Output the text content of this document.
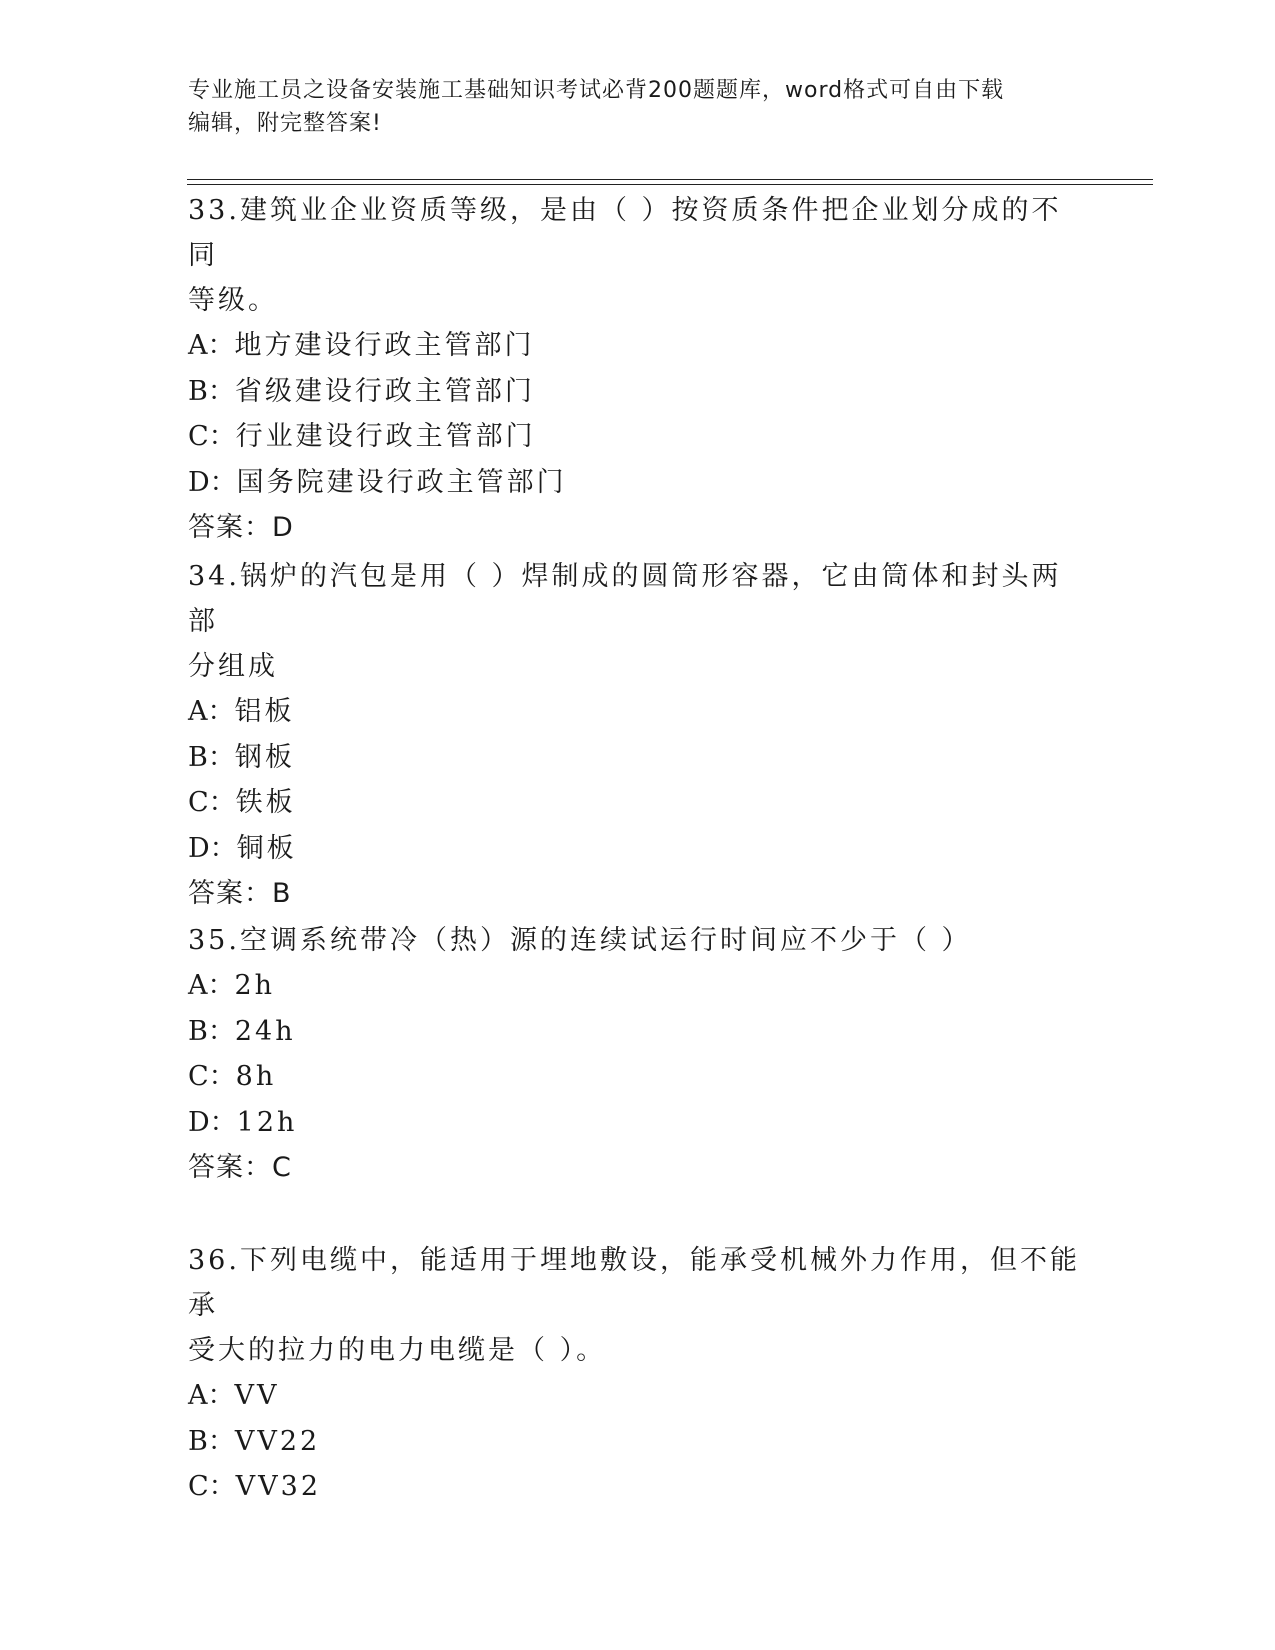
专业施工员之设备安装施工基础知识考试必背200题题库，word格式可自由下载
编辑，附完整答案!
33.建筑业企业资质等级，是由（ ）按资质条件把企业划分成的不同
等级。
A：地方建设行政主管部门
B：省级建设行政主管部门
C：行业建设行政主管部门
D：国务院建设行政主管部门
答案：D
34.锅炉的汽包是用（ ）焊制成的圆筒形容器，它由筒体和封头两部
分组成
A：铝板
B：钢板
C：铁板
D：铜板
答案：B
35.空调系统带冷（热）源的连续试运行时间应不少于（ ）
A：2h
B：24h
C：8h
D：12h
答案：C
36.下列电缆中，能适用于埋地敷设，能承受机械外力作用，但不能承
受大的拉力的电力电缆是（ ）。
A：VV
B：VV22
C：VV32
